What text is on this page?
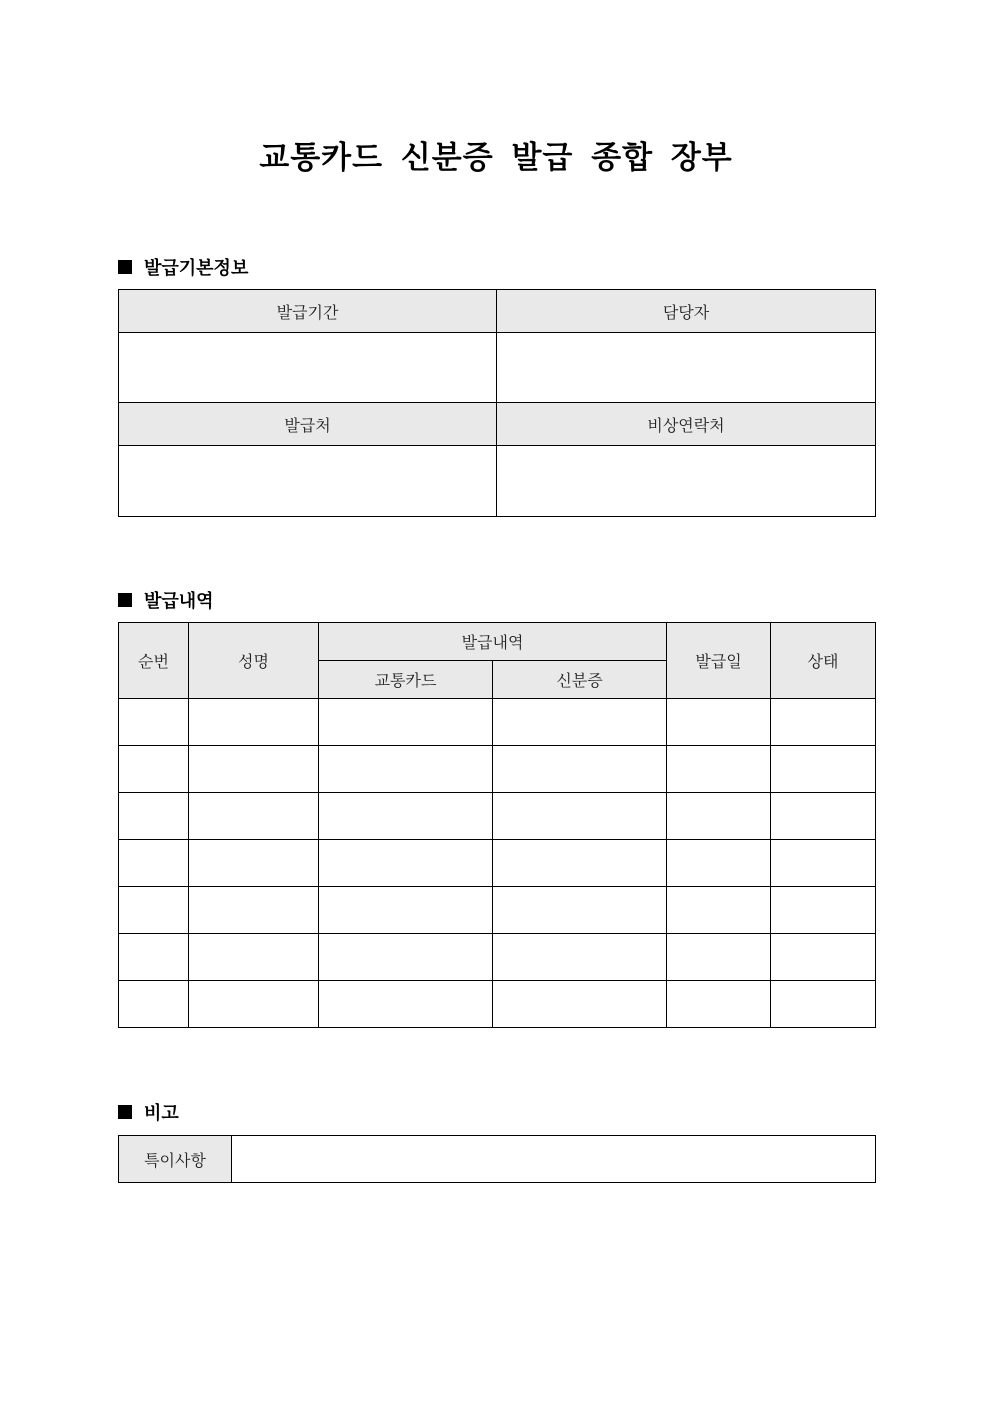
교통카드 신분증 발급 종합 장부
발급기본정보
발급기간	담당자

발급처	비상연락처

발급내역
순번	성명	발급내역		발급일	상태
		교통카드	신분증		

비고
특이사항	
